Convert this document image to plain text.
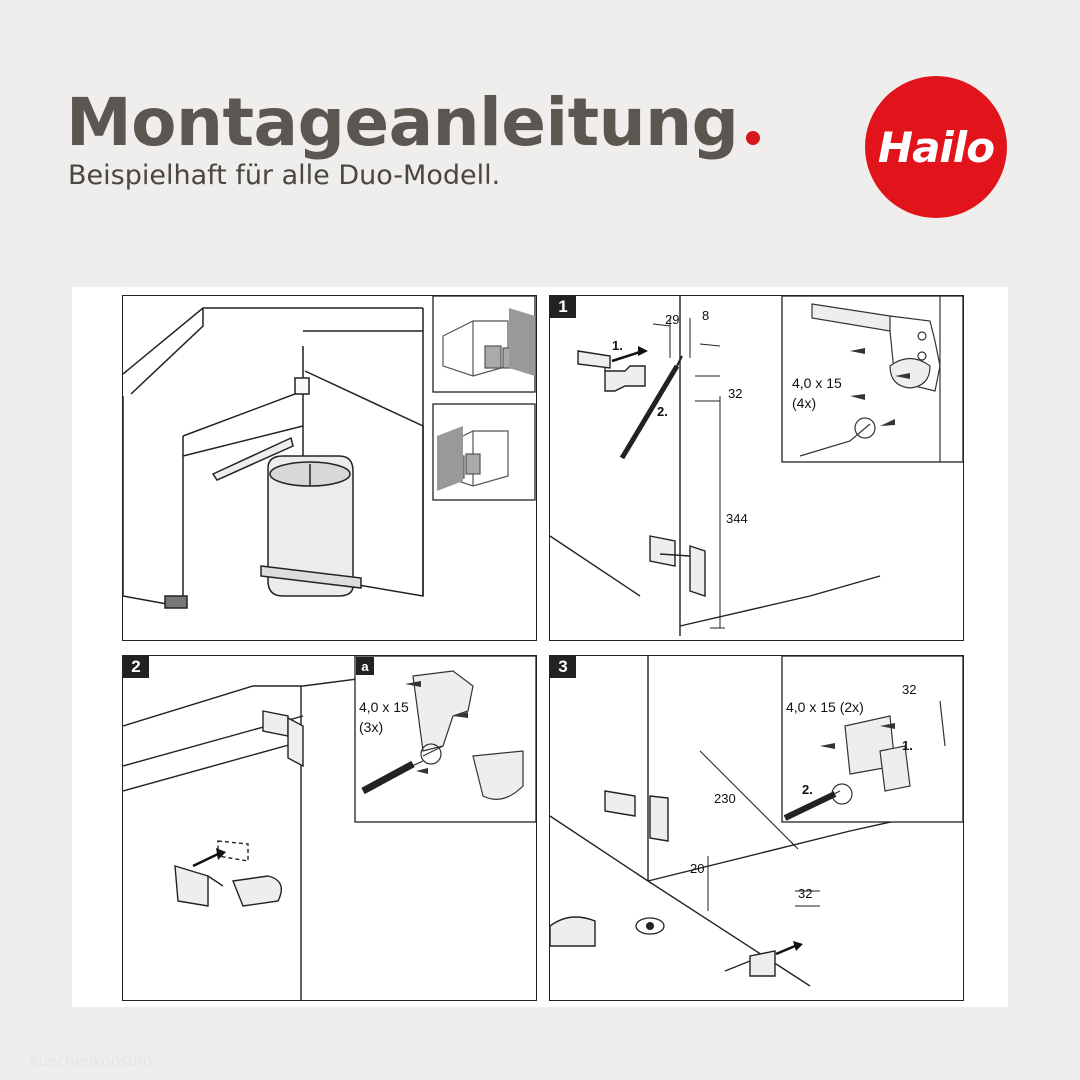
Montageanleitung
Beispielhaft für alle Duo-Modell.
Hailo
1
1.
2.
29 8
32
344
4,0 x 15
(4x)
2	a
4,0 x 15
(3x)
3
4,0 x 15 (2x)
32
230
20
32
1.
2.
kuechenkonsum
